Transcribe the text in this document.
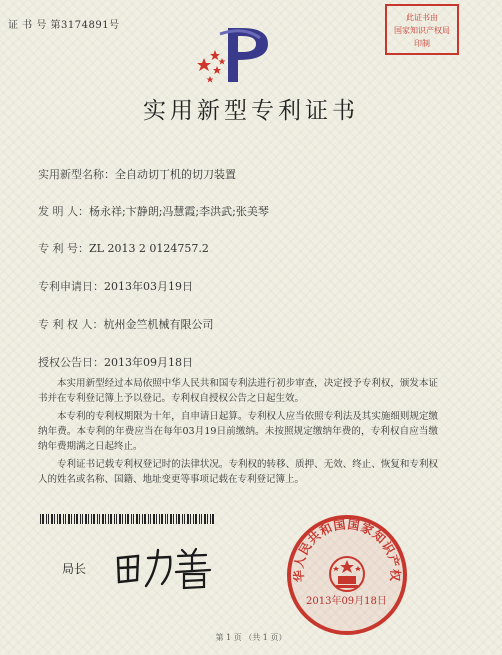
证 书 号 第3174891号
此证书由
国家知识产权局
印制
实用新型专利证书
实用新型名称：全自动切丁机的切刀装置
发 明 人：杨永祥;卞静朗;冯慧霞;李洪武;张美琴
专 利 号：ZL 2013 2 0124757.2
专利申请日：2013年03月19日
专 利 权 人：杭州金竺机械有限公司
授权公告日：2013年09月18日

本实用新型经过本局依照中华人民共和国专利法进行初步审查，决定授予专利权，颁发本证书并在专利登记簿上予以登记。专利权自授权公告之日起生效。

本专利的专利权期限为十年，自申请日起算。专利权人应当依照专利法及其实施细则规定缴纳年费。本专利的年费应当在每年03月19日前缴纳。未按照规定缴纳年费的，专利权自应当缴纳年费期满之日起终止。

专利证书记载专利权登记时的法律状况。专利权的转移、质押、无效、终止、恢复和专利权人的姓名或名称、国籍、地址变更等事项记载在专利登记簿上。

局长	华人民共和国国家知识产权
2013年09月18日
第 1 页 （共 1 页）
